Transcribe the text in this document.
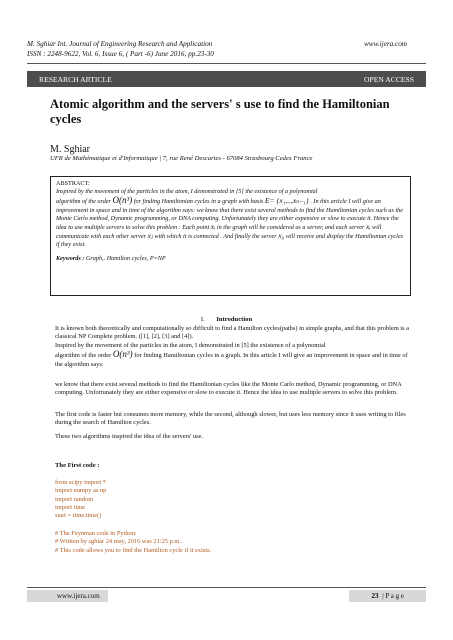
M. Sghiar Int. Journal of Engineering Research and Application
ISSN : 2248-9622, Vol. 6, Issue 6, ( Part -6) June 2016, pp.23-30
www.ijera.com
RESEARCH ARTICLE	OPEN ACCESS
Atomic algorithm and the servers' s use to find the Hamiltonian cycles
M. Sghiar
UFR de Mathématique et d'Informatique | 7, rue René Descartes - 67084 Strasbourg Cedex France
ABSTRACT:
Inspired by the movement of the particles in the atom, I demonstrated in [5] the existence of a polynomial
algorithm of the order O(n³) for finding Hamiltonian cycles in a graph with basis E= {x₁,..,xₙ₋₁} . In this article I will give an improvement in space and in time of the algorithm says: we know that there exist several methods to find the Hamiltonian cycles such as the Monte Carlo method, Dynamic programming, or DNA computing. Unfortunately they are either expensive or slow to execute it. Hence the idea to use multiple servers to solve this problem : Each point xᵢ in the graph will be considered as a server, and each server xᵢ will communicate with each other server xⱼ with which it is connected . And finally the server x₀ will receive and display the Hamiltonian cycles if they exist.
Keywords : Graph,. Hamilton cycles, P=NP
I. Introduction
It is known both theoretically and computationally so difficult to find a Hamilton cycles(paths) in simple graphs, and that this problem is a classical NP Complete problem. ([1], [2], [3] and [4]).
Inspired by the movement of the particles in the atom, I demonstrated in [5] the existence of a polynomial
algorithm of the order O(n³) for finding Hamiltonian cycles in a graph. In this article I will give an improvement in space and in time of the algorithm says:
we know that there exist several methods to find the Hamiltonian cycles like the Monte Carlo method, Dynamic programming, or DNA computing. Unfortunately they are either expensive or slow to execute it. Hence the idea to use multiple servers to solve this problem.
The first code is faster but consumes more memory, while the second, although slower, but uses less memory since it uses writing to files during the search of Hamilton cycles.
These two algorithms inspired the idea of the servers' use.
The First code :
from scipy import *
import numpy as np
import random
import time
start = time.time()
# The Feynman code in Python:
# Written by sghiar 24 may, 2016 was 21:25 p.m..
# This code allows you to find the Hamilton cycle if it exists.
www.ijera.com	23 | P a g e
